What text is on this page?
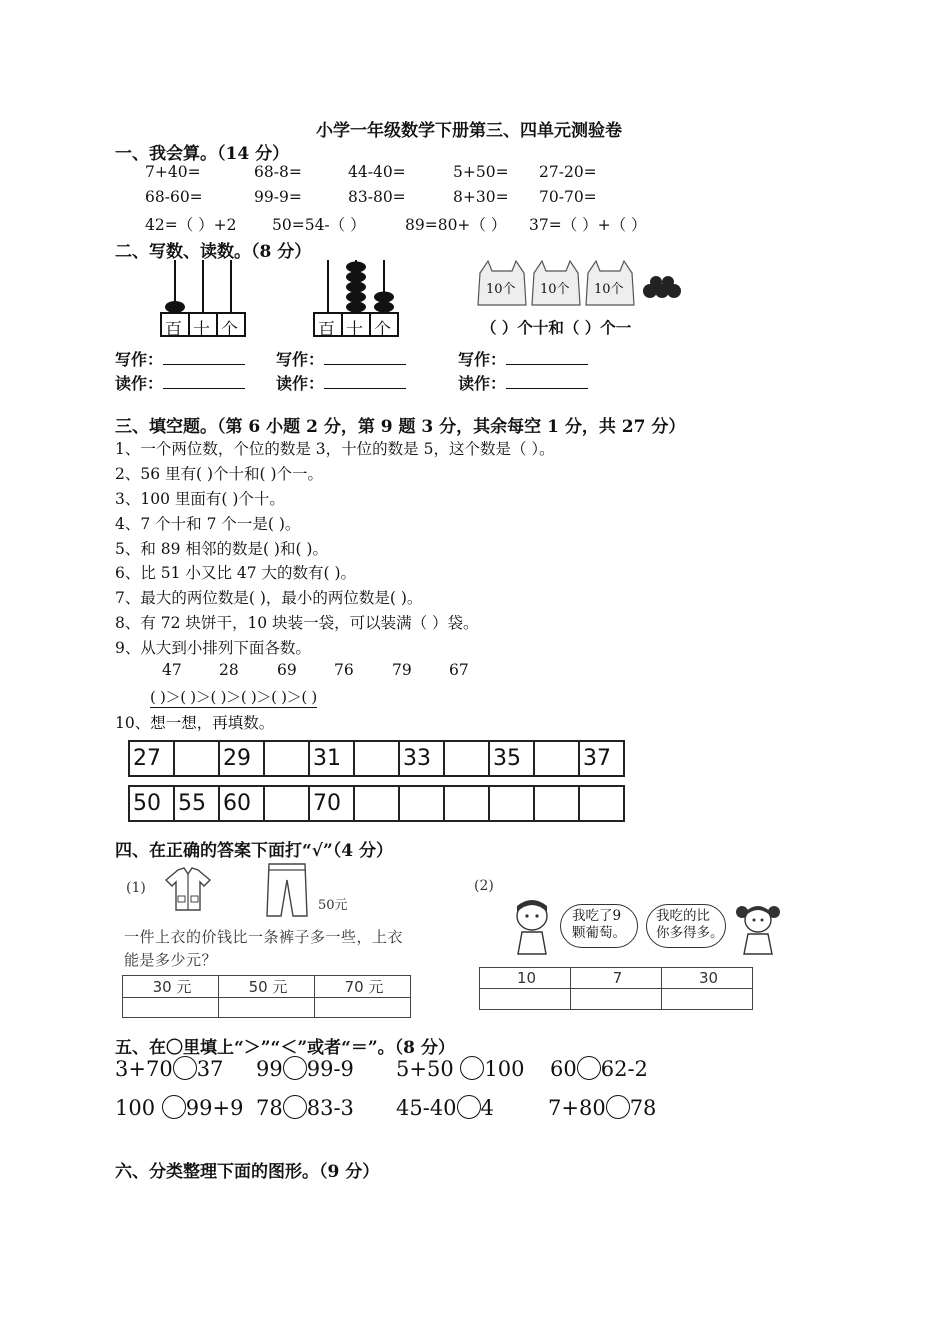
小学一年级数学下册第三、四单元测验卷
一、我会算。（14 分）
7+40=	68-8=	44-40=	5+50= 27-20=
68-60=	99-9=	83-80=	8+30= 70-70=
42=（ ）+2 50=54-（ ）	89=80+（ ） 37=（ ）+（ ）
二、写数、读数。（8 分）
百 十 个	百 十 个
10个 10个 10个
（ ）个十和（ ）个一
写作：
读作：
写作：
读作：
写作：
读作：
三、填空题。（第 6 小题 2 分，第 9 题 3 分，其余每空 1 分，共 27 分）
1、一个两位数，个位的数是 3，十位的数是 5，这个数是（ ）。
2、56 里有( )个十和( )个一。
3、100 里面有( )个十。
4、7 个十和 7 个一是( )。
5、和 89 相邻的数是( )和( )。
6、比 51 小又比 47 大的数有( )。
7、最大的两位数是( )，最小的两位数是( )。
8、有 72 块饼干，10 块装一袋，可以装满（ ）袋。
9、从大到小排列下面各数。
47 28 69 76 79 67
( )＞( )＞( )＞( )＞( )＞( )
10、想一想，再填数。
27		29		31		33		35		37
50	55	60		70						
四、在正确的答案下面打“√”（4 分）
(1)
50元
一件上衣的价钱比一条裤子多一些，上衣
能是多少元？
30 元	50 元	70 元

(2)
我吃了9
颗葡萄。
我吃的比
你多得多。
10	7	30

五、在〇里填上“＞”“＜”或者“＝”。（8 分）
3+70 37 99 99-9 5+50 100 60 62-2
100 99+9 78 83-3 45-40 4	7+80 78
六、分类整理下面的图形。（9 分）
